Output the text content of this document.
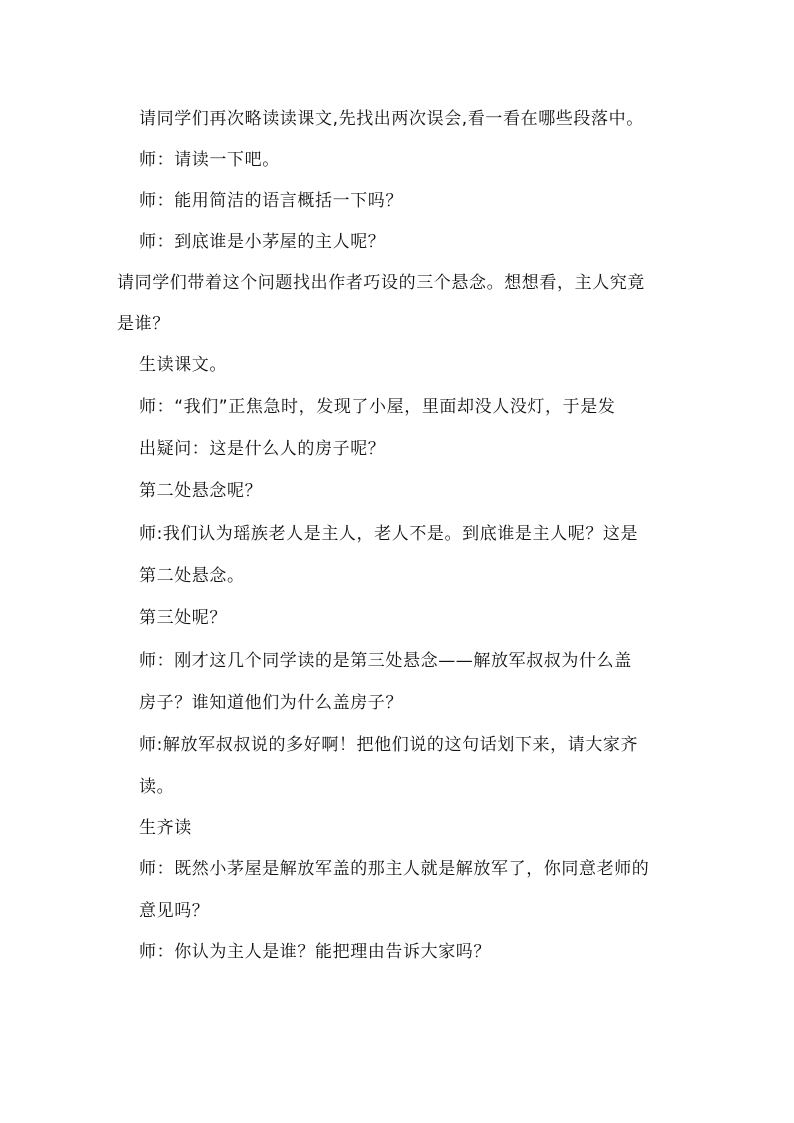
请同学们再次略读读课文,先找出两次误会,看一看在哪些段落中。
师：请读一下吧。
师：能用简洁的语言概括一下吗？
师：到底谁是小茅屋的主人呢？
请同学们带着这个问题找出作者巧设的三个悬念。想想看，主人究竟
是谁？
生读课文。
师：“我们”正焦急时，发现了小屋，里面却没人没灯，于是发
出疑问：这是什么人的房子呢？
第二处悬念呢？
师:我们认为瑶族老人是主人，老人不是。到底谁是主人呢？这是
第二处悬念。
第三处呢？
师：刚才这几个同学读的是第三处悬念——解放军叔叔为什么盖
房子？谁知道他们为什么盖房子？
师:解放军叔叔说的多好啊！把他们说的这句话划下来，请大家齐
读。
生齐读
师：既然小茅屋是解放军盖的那主人就是解放军了，你同意老师的
意见吗？
师：你认为主人是谁？能把理由告诉大家吗？
